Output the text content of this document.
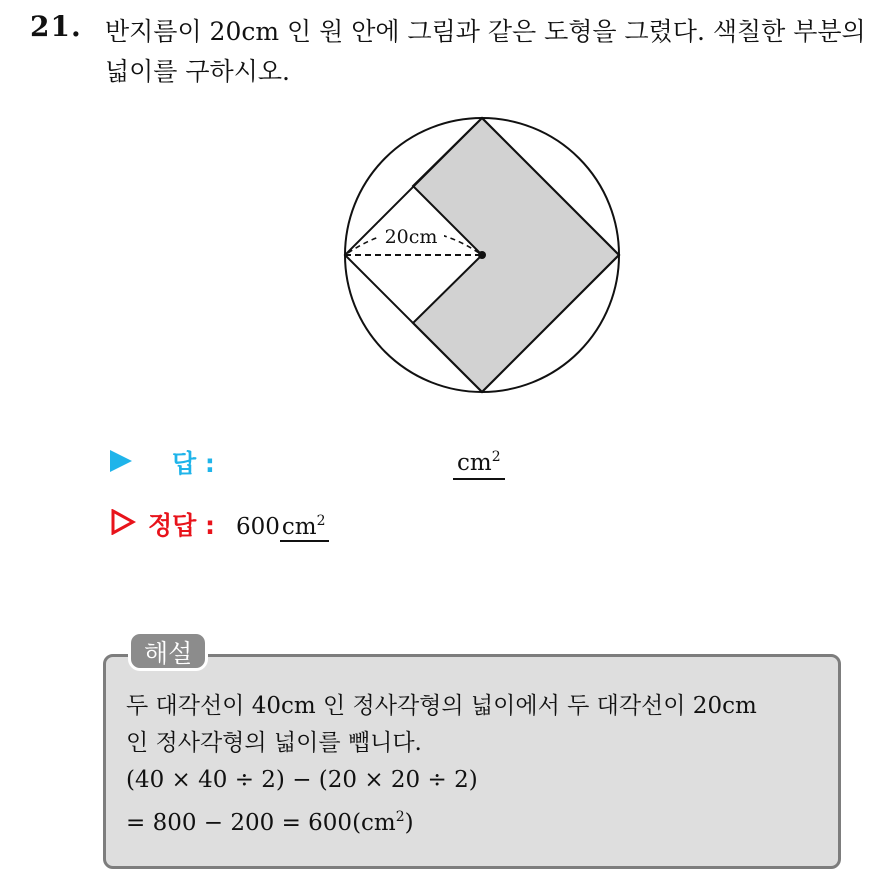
21. 반지름이 20cm 인 원 안에 그림과 같은 도형을 그렸다. 색칠한 부분의
넓이를 구하시오.
20cm
답 :	$cm^2$
정답 : $600cm^2$
해설
두 대각선이 40cm 인 정사각형의 넓이에서 두 대각선이 20cm
인 정사각형의 넓이를 뺍니다.
(40 × 40 ÷ 2) − (20 × 20 ÷ 2)
= $800 - 200 = 600(cm^2)$
